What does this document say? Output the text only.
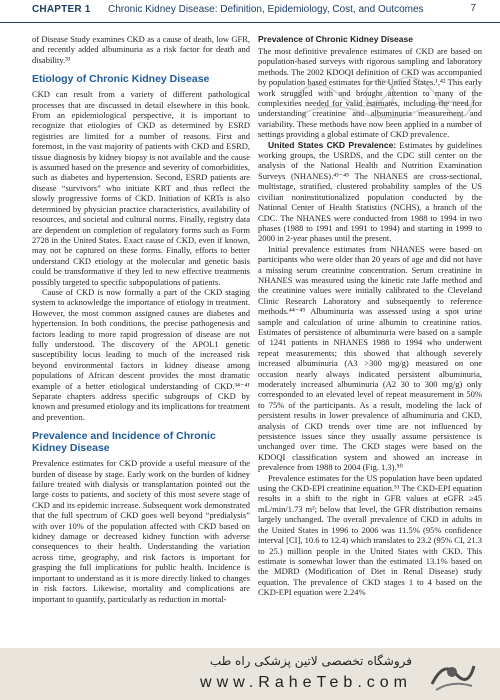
CHAPTER 1 Chronic Kidney Disease: Definition, Epidemiology, Cost, and Outcomes	7

of Disease Study examines CKD as a cause of death, low GFR, and recently added albuminuria as a risk factor for death and disability.³³

Etiology of Chronic Kidney Disease

CKD can result from a variety of different pathological processes that are discussed in detail elsewhere in this book. From an epidemiological perspective, it is important to recognize that etiologies of CKD as determined by ESRD registries are limited for a number of reasons. First and foremost, in the vast majority of patients with CKD and ESRD, tissue diagnosis by kidney biopsy is not available and the cause is assumed based on the presence and severity of comorbidities, such as diabetes and hypertension. Second, ESRD patients are disease “survivors” who initiate KRT and thus reflect the slowly progressive forms of CKD. Initiation of KRTs is also determined by physician practice characteristics, availability of resources, and societal and cultural norms. Finally, registry data are dependent on completion of regulatory forms such as Form 2728 in the United States. Exact cause of CKD, even if known, may not be captured on these forms. Finally, efforts to better understand CKD etiology at the molecular and genetic basis could be transformative if they led to new effective treatments possibly targeted to specific subpopulations of patients.

Cause of CKD is now formally a part of the CKD staging system to acknowledge the importance of etiology in treatment. However, the most common assigned causes are diabetes and hypertension. In both conditions, the precise pathogenesis and factors leading to more rapid progression of disease are not fully understood. The discovery of the APOL1 genetic susceptibility locus leading to much of the increased risk beyond environmental factors in kidney disease among populations of African descent provides the most dramatic example of a better etiological understanding of CKD.³⁴⁻⁴¹ Separate chapters address specific subgroups of CKD by known and presumed etiology and its implications for treatment and prevention.

Prevalence and Incidence of Chronic Kidney Disease

Prevalence estimates for CKD provide a useful measure of the burden of disease by stage. Early work on the burden of kidney failure treated with dialysis or transplantation pointed out the large costs to patients, and society of this most severe stage of CKD and its epidemic increase. Subsequent work demonstrated that the full spectrum of CKD goes well beyond “predialysis” with over 10% of the population affected with CKD based on kidney damage or decreased kidney function with adverse consequences to their health. Understanding the variation across time, geography, and risk factors is important for grasping the full implications for public health. Incidence is important to understand as it is more directly linked to changes in risk factors. Likewise, mortality and complications are important to quantify, particularly as reduction in mortal-

Prevalence of Chronic Kidney Disease

The most definitive prevalence estimates of CKD are based on population-based surveys with rigorous sampling and laboratory methods. The 2002 KDOQI definition of CKD was accompanied by population based estimates for the United States.¹,⁴² This early work struggled with and brought attention to many of the complexities needed for valid estimates, including the need for understanding creatinine and albuminuria measurement and variability. These methods have now been applied in a number of settings providing a global estimate of CKD prevalence.

United States CKD Prevalence: Estimates by guidelines working groups, the USRDS, and the CDC still center on the analysis of the National Health and Nutrition Examination Surveys (NHANES).⁴³⁻⁴⁵ The NHANES are cross-sectional, multistage, stratified, clustered probability samples of the US civilian noninstitutionalized population conducted by the National Center of Health Statistics (NCHS), a branch of the CDC. The NHANES were conducted from 1988 to 1994 in two phases (1988 to 1991 and 1991 to 1994) and starting in 1999 to 2000 in 2-year phases until the present.

Initial prevalence estimates from NHANES were based on participants who were older than 20 years of age and did not have a missing serum creatinine concentration. Serum creatinine in NHANES was measured using the kinetic rate Jaffe method and the creatinine values were initially calibrated to the Cleveland Clinic Research Laboratory and subsequently to reference methods.⁴⁴⁻⁴⁹ Albuminuria was assessed using a spot urine sample and calculation of urine albumin to creatinine ratios. Estimates of persistence of albuminuria were based on a sample of 1241 patients in NHANES 1988 to 1994 who underwent repeat measurements; this showed that although severely increased albuminuria (A3 >300 mg/g) measured on one occasion nearly always indicated persistent albuminuria, moderately increased albuminuria (A2 30 to 300 mg/g) only corresponded to an elevated level of repeat measurement in 50% to 75% of the participants. As a result, modeling the lack of persistent results in lower prevalence of albuminuria and CKD, analysis of CKD trends over time are not influenced by persistence issues since they usually assume persistence is unchanged over time. The CKD stages were based on the KDOQI classification system and showed an increase in prevalence from 1988 to 2004 (Fig. 1.3).⁵⁰

Prevalence estimates for the US population have been updated using the CKD-EPI creatinine equation.⁵¹ The CKD-EPI equation results in a shift to the right in GFR values at eGFR ≥45 mL/min/1.73 m²; below that level, the GFR distribution remains largely unchanged. The overall prevalence of CKD in adults in the United States in 1996 to 2006 was 11.5% (95% confidence interval [CI], 10.6 to 12.4) which translates to 23.2 (95% CI, 21.3 to 25.) million people in the United States with CKD. This estimate is somewhat lower than the estimated 13.1% based on the MDRD (Modification of Diet in Renal Disease) study equation. The prevalence of CKD stages 1 to 4 based on the CKD-EPI equation were 2.24%

فروشگاه تخصصی لاتین پزشکی راه طب
www.RaheTeb.com
